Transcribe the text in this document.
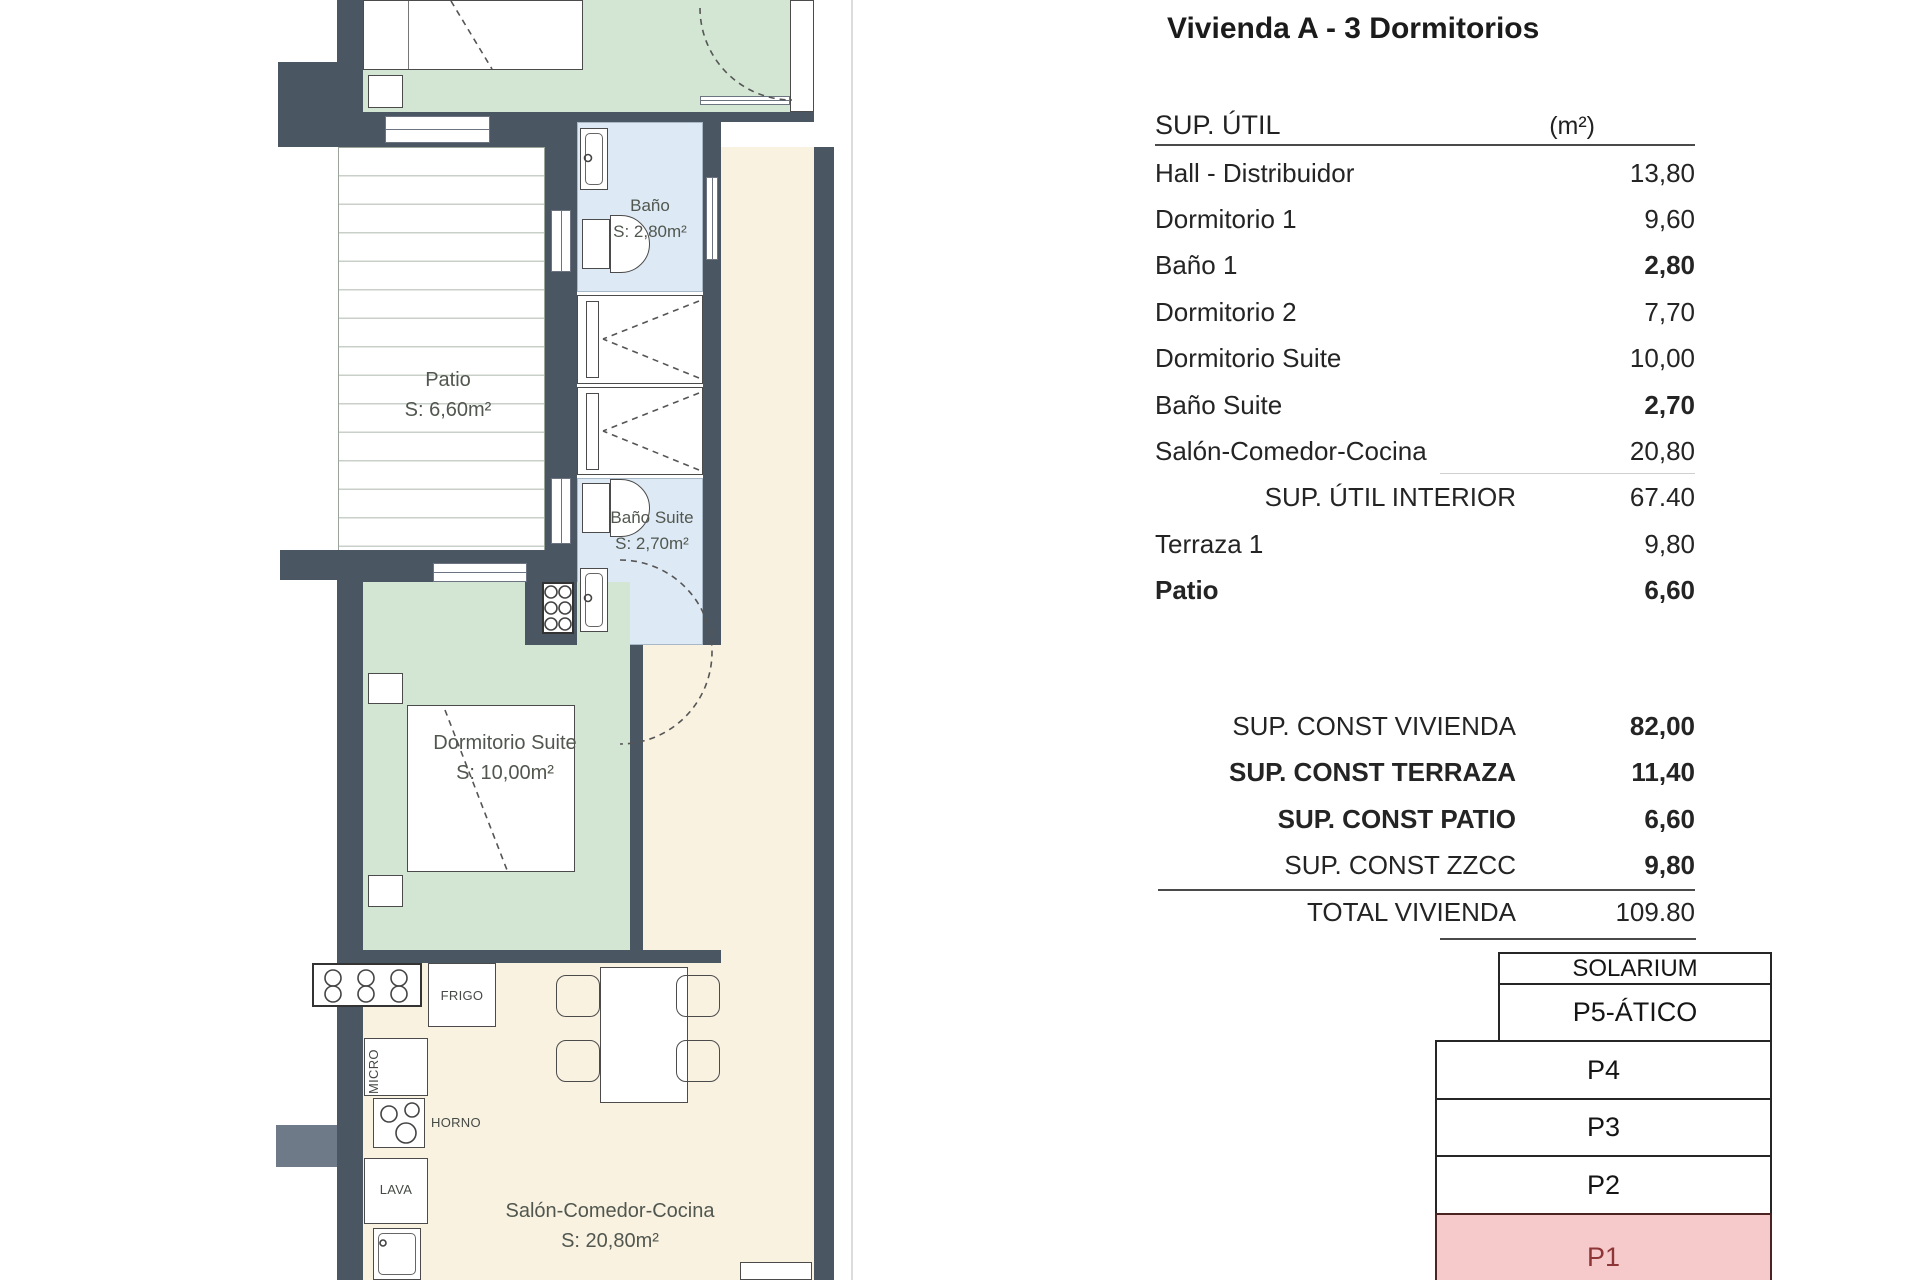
Patio
S: 6,60m²
Baño
S: 2,80m²
Baño Suite
S: 2,70m²
Dormitorio Suite
S: 10,00m²
Salón-Comedor-Cocina
S: 20,80m²
FRIGO
MICRO
HORNO
LAVA
Vivienda A - 3 Dormitorios
SUP. ÚTIL	(m²)
Hall - Distribuidor	13,80
Dormitorio 1	9,60
Baño 1	2,80
Dormitorio 2	7,70
Dormitorio Suite	10,00
Baño Suite	2,70
Salón-Comedor-Cocina	20,80
SUP. ÚTIL INTERIOR	67.40
Terraza 1	9,80
Patio	6,60
SUP. CONST VIVIENDA	82,00
SUP. CONST TERRAZA	11,40
SUP. CONST PATIO	6,60
SUP. CONST ZZCC	9,80
TOTAL VIVIENDA	109.80
SOLARIUM
P5-ÁTICO
P4
P3
P2
P1
